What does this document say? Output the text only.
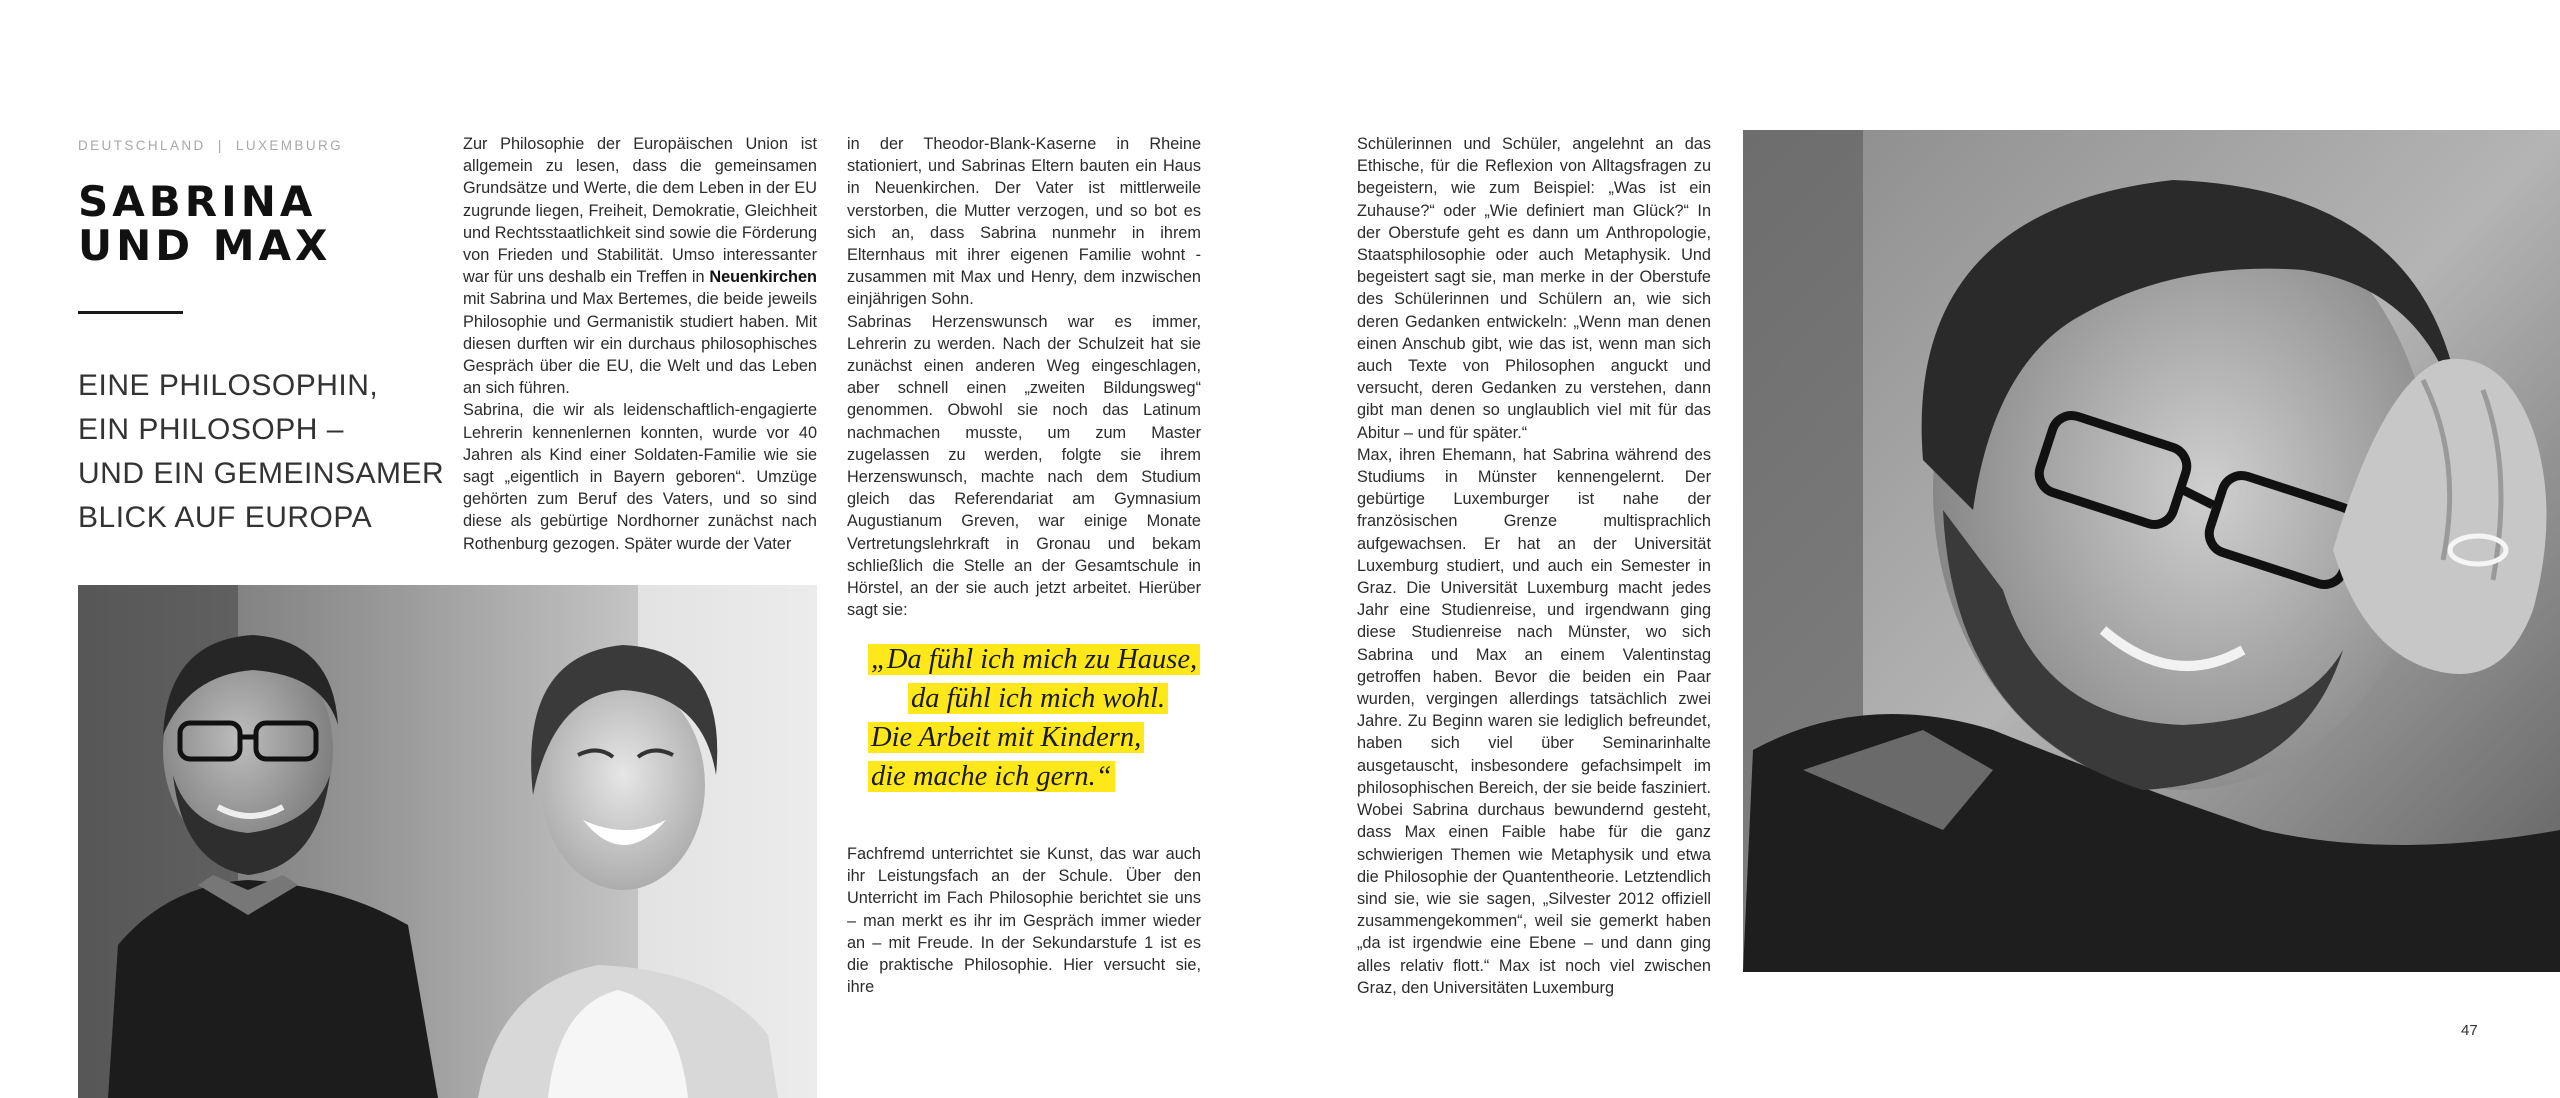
DEUTSCHLAND | LUXEMBURG
SABRINA
UND MAX
EINE PHILOSOPHIN,
EIN PHILOSOPH –
UND EIN GEMEINSAMER
BLICK AUF EUROPA

Zur Philosophie der Europäischen Union ist allgemein zu lesen, dass die gemeinsamen Grundsätze und Werte, die dem Leben in der EU zugrunde liegen, Freiheit, Demokratie, Gleichheit und Rechtsstaatlichkeit sind sowie die Förderung von Frieden und Stabilität. Umso interessanter war für uns deshalb ein Treffen in Neuenkirchen mit Sabrina und Max Bertemes, die beide jeweils Philosophie und Germanistik studiert haben. Mit diesen durften wir ein durchaus philosophisches Gespräch über die EU, die Welt und das Leben an sich führen.

Sabrina, die wir als leidenschaftlich-engagierte Lehrerin kennenlernen konnten, wurde vor 40 Jahren als Kind einer Soldaten-Familie wie sie sagt „eigentlich in Bayern geboren“. Umzüge gehörten zum Beruf des Vaters, und so sind diese als gebürtige Nordhorner zunächst nach Rothenburg gezogen. Später wurde der Vater

in der Theodor-Blank-Kaserne in Rheine stationiert, und Sabrinas Eltern bauten ein Haus in Neuenkirchen. Der Vater ist mittlerweile verstorben, die Mutter verzogen, und so bot es sich an, dass Sabrina nunmehr in ihrem Elternhaus mit ihrer eigenen Familie wohnt - zusammen mit Max und Henry, dem inzwischen einjährigen Sohn.

Sabrinas Herzenswunsch war es immer, Lehrerin zu werden. Nach der Schulzeit hat sie zunächst einen anderen Weg eingeschlagen, aber schnell einen „zweiten Bildungsweg“ genommen. Obwohl sie noch das Latinum nachmachen musste, um zum Master zugelassen zu werden, folgte sie ihrem Herzenswunsch, machte nach dem Studium gleich das Referendariat am Gymnasium Augustianum Greven, war einige Monate Vertretungslehrkraft in Gronau und bekam schließlich die Stelle an der Gesamtschule in Hörstel, an der sie auch jetzt arbeitet. Hierüber sagt sie:

„Da fühl ich mich zu Hause,
da fühl ich mich wohl.
Die Arbeit mit Kindern,
die mache ich gern.“

Fachfremd unterrichtet sie Kunst, das war auch ihr Leistungsfach an der Schule. Über den Unterricht im Fach Philosophie berichtet sie uns – man merkt es ihr im Gespräch immer wieder an – mit Freude. In der Sekundarstufe 1 ist es die praktische Philosophie. Hier versucht sie, ihre

Schülerinnen und Schüler, angelehnt an das Ethische, für die Reflexion von Alltagsfragen zu begeistern, wie zum Beispiel: „Was ist ein Zuhause?“ oder „Wie definiert man Glück?“ In der Oberstufe geht es dann um Anthropologie, Staatsphilosophie oder auch Metaphysik. Und begeistert sagt sie, man merke in der Oberstufe des Schülerinnen und Schülern an, wie sich deren Gedanken entwickeln: „Wenn man denen einen Anschub gibt, wie das ist, wenn man sich auch Texte von Philosophen anguckt und versucht, deren Gedanken zu verstehen, dann gibt man denen so unglaublich viel mit für das Abitur – und für später.“

Max, ihren Ehemann, hat Sabrina während des Studiums in Münster kennengelernt. Der gebürtige Luxemburger ist nahe der französischen Grenze multisprachlich aufgewachsen. Er hat an der Universität Luxemburg studiert, und auch ein Semester in Graz. Die Universität Luxemburg macht jedes Jahr eine Studienreise, und irgendwann ging diese Studienreise nach Münster, wo sich Sabrina und Max an einem Valentinstag getroffen haben. Bevor die beiden ein Paar wurden, vergingen allerdings tatsächlich zwei Jahre. Zu Beginn waren sie lediglich befreundet, haben sich viel über Seminarinhalte ausgetauscht, insbesondere gefachsimpelt im philosophischen Bereich, der sie beide fasziniert. Wobei Sabrina durchaus bewundernd gesteht, dass Max einen Faible habe für die ganz schwierigen Themen wie Metaphysik und etwa die Philosophie der Quantentheorie. Letztendlich sind sie, wie sie sagen, „Silvester 2012 offiziell zusammengekommen“, weil sie gemerkt haben „da ist irgendwie eine Ebene – und dann ging alles relativ flott.“ Max ist noch viel zwischen Graz, den Universitäten Luxemburg

47
